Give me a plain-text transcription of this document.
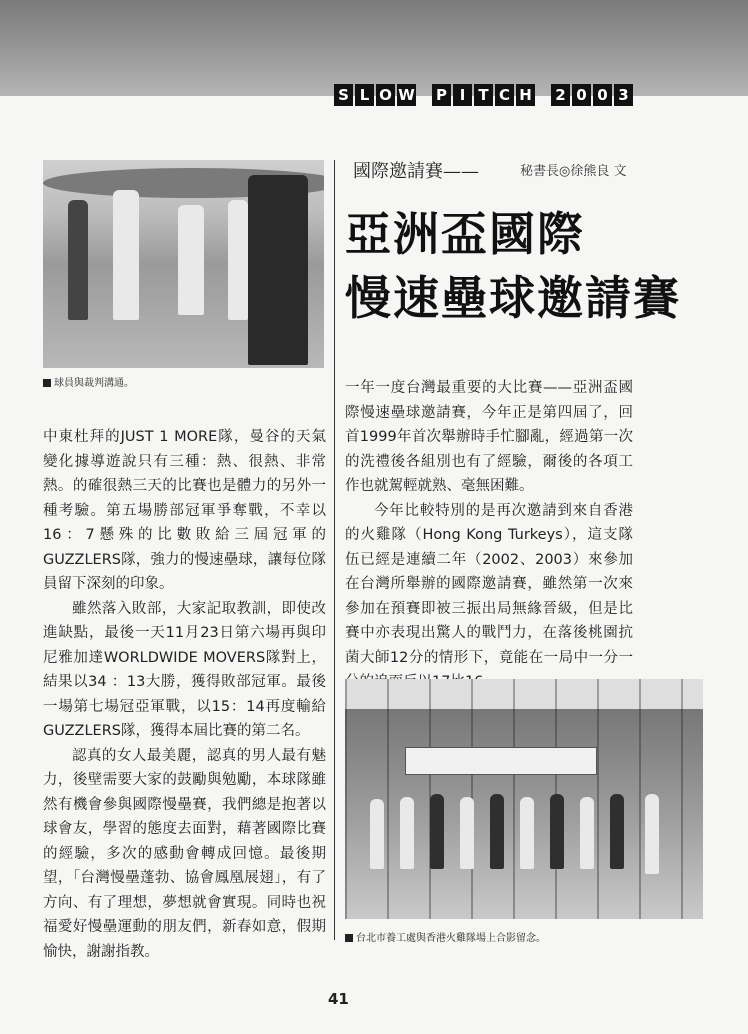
S L O W P I T C H 2 0 0 3
球員與裁判溝通。
國際邀請賽——	秘書長◎徐熊良 文
亞洲盃國際
慢速壘球邀請賽

中東杜拜的JUST 1 MORE隊，曼谷的天氣變化據導遊說只有三種：熱、很熱、非常熱。的確很熱三天的比賽也是體力的另外一種考驗。第五場勝部冠軍爭奪戰，不幸以16：7懸殊的比數敗給三屆冠軍的GUZZLERS隊，強力的慢速壘球，讓每位隊員留下深刻的印象。

雖然落入敗部，大家記取教訓，即使改進缺點，最後一天11月23日第六場再與印尼雅加達WORLDWIDE MOVERS隊對上，結果以34 ：13大勝，獲得敗部冠軍。最後一場第七場冠亞軍戰，以15：14再度輸給GUZZLERS隊，獲得本屆比賽的第二名。

認真的女人最美麗，認真的男人最有魅力，後壁需要大家的鼓勵與勉勵，本球隊雖然有機會參與國際慢壘賽，我們總是抱著以球會友，學習的態度去面對，藉著國際比賽的經驗，多次的感動會轉成回憶。最後期望，「台灣慢壘蓬勃、協會鳳凰展翅」，有了方向、有了理想，夢想就會實現。同時也祝福愛好慢壘運動的朋友們，新春如意，假期愉快，謝謝指教。

一年一度台灣最重要的大比賽——亞洲盃國際慢速壘球邀請賽，今年正是第四屆了，回首1999年首次舉辦時手忙腳亂，經過第一次的洗禮後各組別也有了經驗，爾後的各項工作也就駕輕就熟、毫無困難。

今年比較特別的是再次邀請到來自香港的火雞隊（Hong Kong Turkeys），這支隊伍已經是連續二年（2002、2003）來參加在台灣所舉辦的國際邀請賽，雖然第一次來參加在預賽即被三振出局無緣晉級，但是比賽中亦表現出驚人的戰鬥力，在落後桃園抗菌大師12分的情形下，竟能在一局中一分一

台北市養工處與香港火雞隊場上合影留念。
41
